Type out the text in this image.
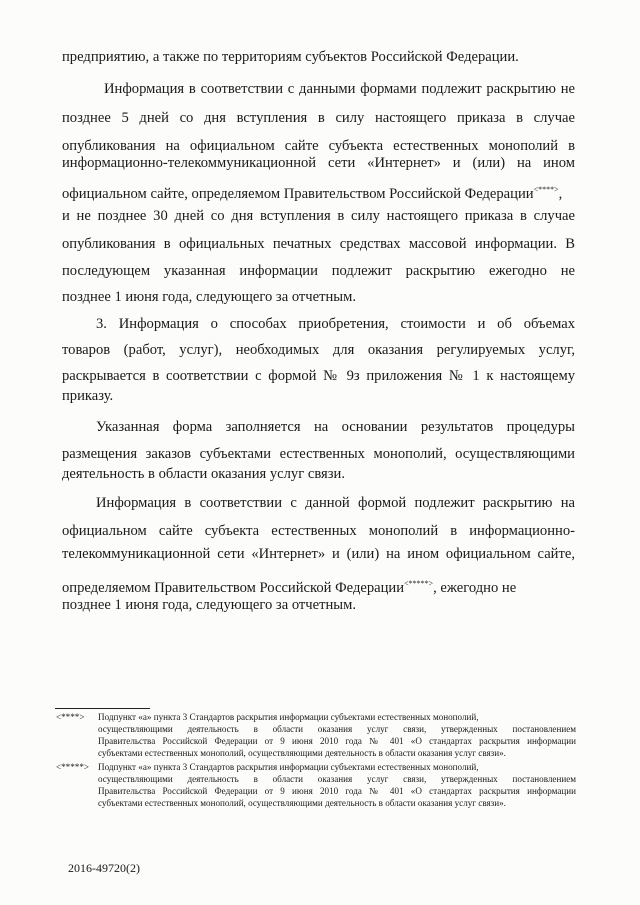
предприятию, а также по территориям субъектов Российской Федерации.
Информация в соответствии с данными формами подлежит раскрытию не
позднее 5 дней со дня вступления в силу настоящего приказа в случае
опубликования на официальном сайте субъекта естественных монополий в
информационно-телекоммуникационной сети «Интернет» и (или) на ином
официальном сайте, определяемом Правительством Российской Федерации<****>,
и не позднее 30 дней со дня вступления в силу настоящего приказа в случае
опубликования в официальных печатных средствах массовой информации. В
последующем указанная информации подлежит раскрытию ежегодно не
позднее 1 июня года, следующего за отчетным.
3. Информация о способах приобретения, стоимости и об объемах
товаров (работ, услуг), необходимых для оказания регулируемых услуг,
раскрывается в соответствии с формой № 9з приложения № 1 к настоящему
приказу.
Указанная форма заполняется на основании результатов процедуры
размещения заказов субъектами естественных монополий, осуществляющими
деятельность в области оказания услуг связи.
Информация в соответствии с данной формой подлежит раскрытию на
официальном сайте субъекта естественных монополий в информационно-
телекоммуникационной сети «Интернет» и (или) на ином официальном сайте,
определяемом Правительством Российской Федерации<*****>, ежегодно не
позднее 1 июня года, следующего за отчетным.
<****> Подпункт «а» пункта 3 Стандартов раскрытия информации субъектами естественных монополий,
осуществляющими деятельность в области оказания услуг связи, утвержденных постановлением
Правительства Российской Федерации от 9 июня 2010 года № 401 «О стандартах раскрытия информации
субъектами естественных монополий, осуществляющими деятельность в области оказания услуг связи».
<*****> Подпункт «а» пункта 3 Стандартов раскрытия информации субъектами естественных монополий,
осуществляющими деятельность в области оказания услуг связи, утвержденных постановлением
Правительства Российской Федерации от 9 июня 2010 года № 401 «О стандартах раскрытия информации
субъектами естественных монополий, осуществляющими деятельность в области оказания услуг связи».
2016-49720(2)
